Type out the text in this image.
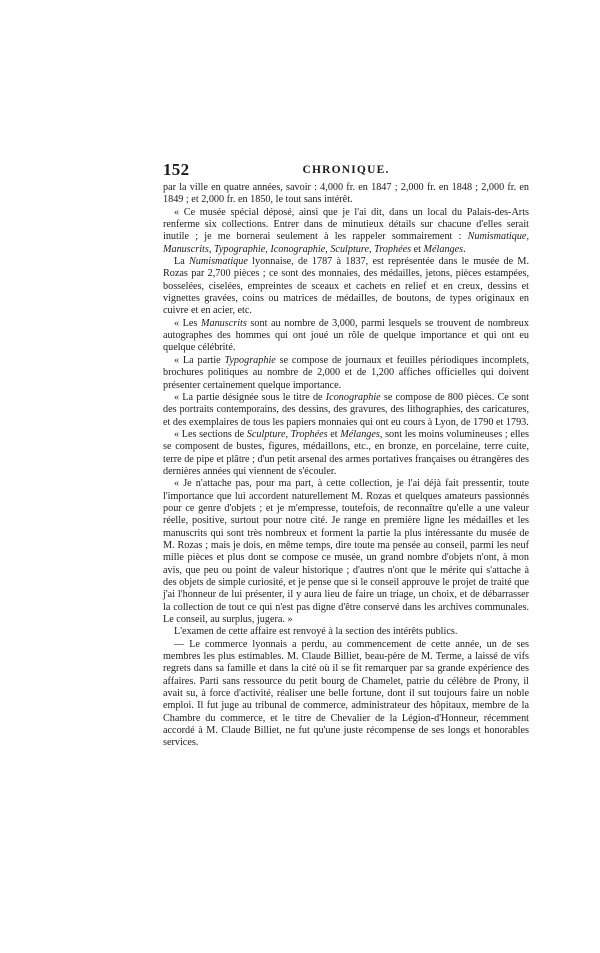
152	CHRONIQUE.

par la ville en quatre années, savoir : 4,000 fr. en 1847 ; 2,000 fr. en 1848 ; 2,000 fr. en 1849 ; et 2,000 fr. en 1850, le tout sans intérêt.

« Ce musée spécial déposé, ainsi que je l'ai dit, dans un local du Palais-des-Arts renferme six collections. Entrer dans de minutieux détails sur chacune d'elles serait inutile ; je me bornerai seulement à les rappeler sommairement : Numismatique, Manuscrits, Typographie, Iconographie, Sculpture, Trophées et Mélanges.

La Numismatique lyonnaise, de 1787 à 1837, est représentée dans le musée de M. Rozas par 2,700 pièces ; ce sont des monnaies, des médailles, jetons, pièces estampées, bosselées, ciselées, empreintes de sceaux et cachets en relief et en creux, dessins et vignettes gravées, coins ou matrices de médailles, de boutons, de types originaux en cuivre et en acier, etc.

« Les Manuscrits sont au nombre de 3,000, parmi lesquels se trouvent de nombreux autographes des hommes qui ont joué un rôle de quelque importance et qui ont eu quelque célébrité.

« La partie Typographie se compose de journaux et feuilles périodiques incomplets, brochures politiques au nombre de 2,000 et de 1,200 affiches officielles qui doivent présenter certainement quelque importance.

« La partie désignée sous le titre de Iconographie se compose de 800 pièces. Ce sont des portraits contemporains, des dessins, des gravures, des lithographies, des caricatures, et des exemplaires de tous les papiers monnaies qui ont eu cours à Lyon, de 1790 et 1793.

« Les sections de Sculpture, Trophées et Mélanges, sont les moins volumineuses ; elles se composent de bustes, figures, médaillons, etc., en bronze, en porcelaine, terre cuite, terre de pipe et plâtre ; d'un petit arsenal des armes portatives françaises ou étrangères des dernières années qui viennent de s'écouler.

« Je n'attache pas, pour ma part, à cette collection, je l'ai déjà fait pressentir, toute l'importance que lui accordent naturellement M. Rozas et quelques amateurs passionnés pour ce genre d'objets ; et je m'empresse, toutefois, de reconnaître qu'elle a une valeur réelle, positive, surtout pour notre cité. Je range en première ligne les médailles et les manuscrits qui sont très nombreux et forment la partie la plus intéressante du musée de M. Rozas ; mais je dois, en même temps, dire toute ma pensée au conseil, parmi les neuf mille pièces et plus dont se compose ce musée, un grand nombre d'objets n'ont, à mon avis, que peu ou point de valeur historique ; d'autres n'ont que le mérite qui s'attache à des objets de simple curiosité, et je pense que si le conseil approuve le projet de traité que j'ai l'honneur de lui présenter, il y aura lieu de faire un triage, un choix, et de débarrasser la collection de tout ce qui n'est pas digne d'être conservé dans les archives communales. Le conseil, au surplus, jugera. »

L'examen de cette affaire est renvoyé à la section des intérêts publics.

— Le commerce lyonnais a perdu, au commencement de cette année, un de ses membres les plus estimables. M. Claude Billiet, beau-père de M. Terme, a laissé de vifs regrets dans sa famille et dans la cité où il se fit remarquer par sa grande expérience des affaires. Parti sans ressource du petit bourg de Chamelet, patrie du célèbre de Prony, il avait su, à force d'activité, réaliser une belle fortune, dont il sut toujours faire un noble emploi. Il fut juge au tribunal de commerce, administrateur des hôpitaux, membre de la Chambre du commerce, et le titre de Chevalier de la Légion-d'Honneur, récemment accordé à M. Claude Billiet, ne fut qu'une juste récompense de ses longs et honorables services.
